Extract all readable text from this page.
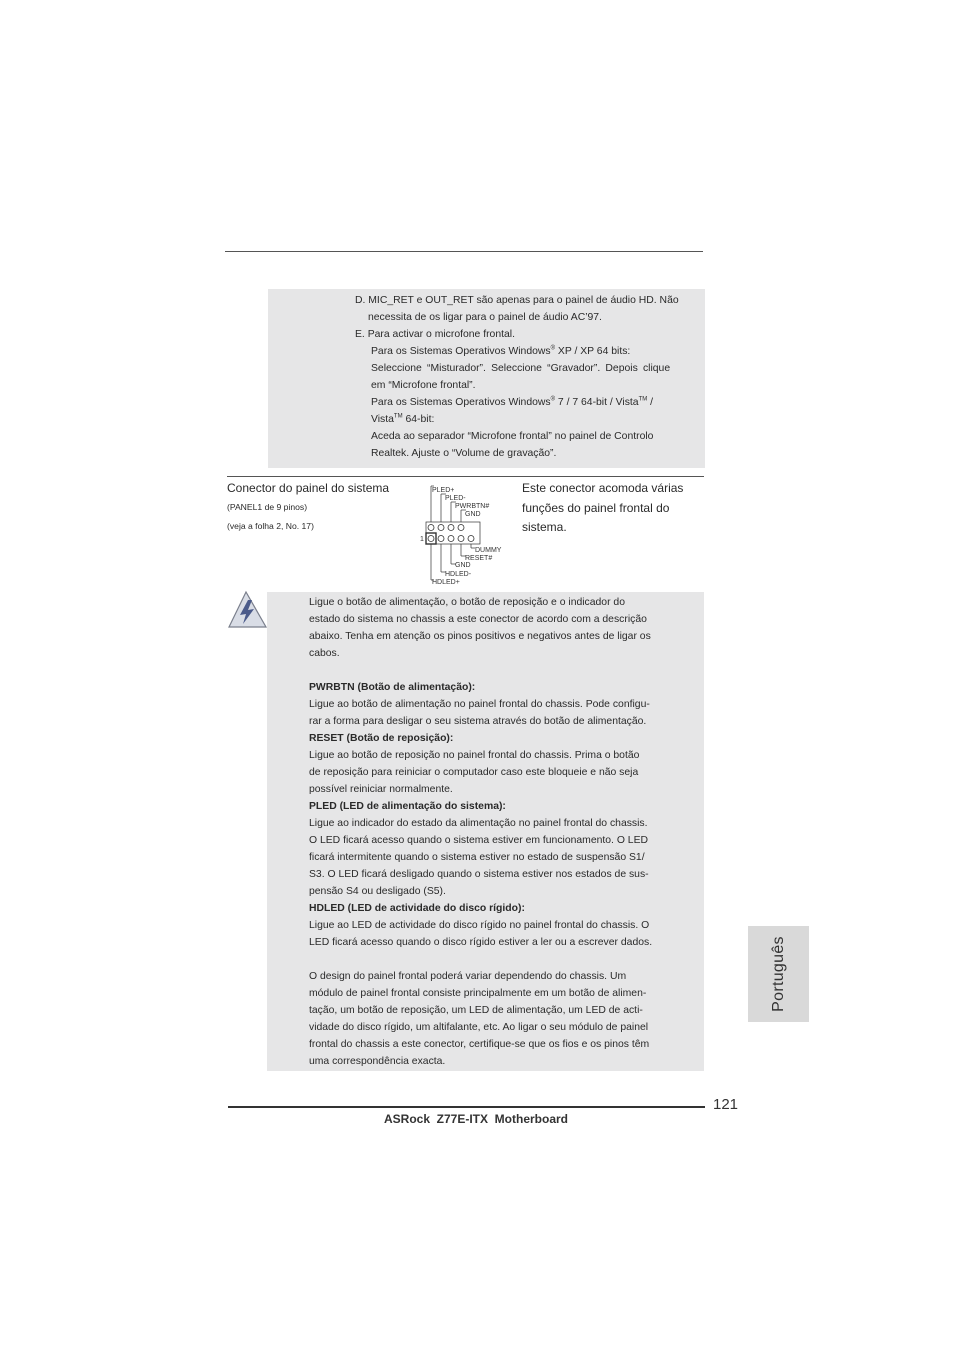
D. MIC_RET e OUT_RET são apenas para o painel de áudio HD. Não
necessita de os ligar para o painel de áudio AC’97.
E. Para activar o microfone frontal.
Para os Sistemas Operativos Windows® XP / XP 64 bits:
Seleccione “Misturador”. Seleccione “Gravador”. Depois clique
em “Microfone frontal”.
Para os Sistemas Operativos Windows® 7 / 7 64-bit / Vista™ /
Vista™ 64-bit:
Aceda ao separador “Microfone frontal” no painel de Controlo
Realtek. Ajuste o “Volume de gravação”.
Conector do painel do sistema
(PANEL1 de 9 pinos)
(veja a folha 2, No. 17)
Este conector acomoda várias
funções do painel frontal do
sistema.
PLED+
PLED-
PWRBTN#
GND
1
DUMMY
RESET#
GND
HDLED-
HDLED+
Ligue o botão de alimentação, o botão de reposição e o indicador do
estado do sistema no chassis a este conector de acordo com a descrição
abaixo. Tenha em atenção os pinos positivos e negativos antes de ligar os
cabos.

PWRBTN (Botão de alimentação):
Ligue ao botão de alimentação no painel frontal do chassis. Pode configu-
rar a forma para desligar o seu sistema através do botão de alimentação.
RESET (Botão de reposição):
Ligue ao botão de reposição no painel frontal do chassis. Prima o botão
de reposição para reiniciar o computador caso este bloqueie e não seja
possível reiniciar normalmente.
PLED (LED de alimentação do sistema):
Ligue ao indicador do estado da alimentação no painel frontal do chassis.
O LED ficará acesso quando o sistema estiver em funcionamento. O LED
ficará intermitente quando o sistema estiver no estado de suspensão S1/
S3. O LED ficará desligado quando o sistema estiver nos estados de sus-
pensão S4 ou desligado (S5).
HDLED (LED de actividade do disco rígido):
Ligue ao LED de actividade do disco rígido no painel frontal do chassis. O
LED ficará acesso quando o disco rígido estiver a ler ou a escrever dados.

O design do painel frontal poderá variar dependendo do chassis. Um
módulo de painel frontal consiste principalmente em um botão de alimen-
tação, um botão de reposição, um LED de alimentação, um LED de acti-
vidade do disco rígido, um altifalante, etc. Ao ligar o seu módulo de painel
frontal do chassis a este conector, certifique-se que os fios e os pinos têm
uma correspondência exacta.
Português
121
ASRock  Z77E-ITX  Motherboard
